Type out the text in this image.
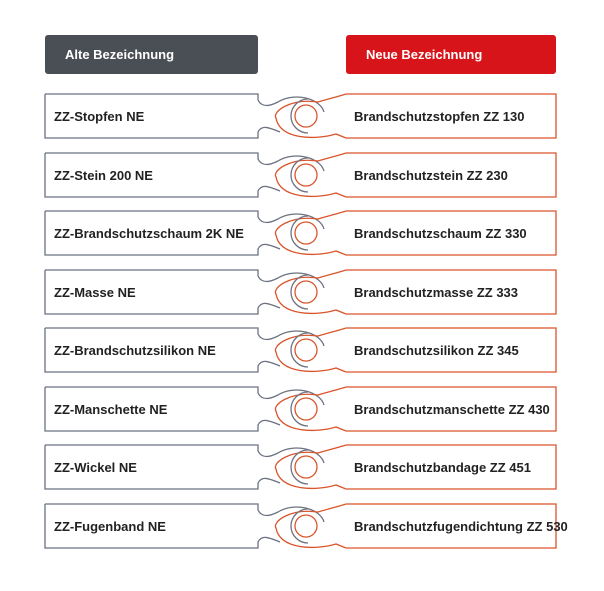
Alte Bezeichnung	Neue Bezeichnung
ZZ-Stopfen NE	Brandschutzstopfen ZZ 130
ZZ-Stein 200 NE	Brandschutzstein ZZ 230
ZZ-Brandschutzschaum 2K NE	Brandschutzschaum ZZ 330
ZZ-Masse NE	Brandschutzmasse ZZ 333
ZZ-Brandschutzsilikon NE	Brandschutzsilikon ZZ 345
ZZ-Manschette NE	Brandschutzmanschette ZZ 430
ZZ-Wickel NE	Brandschutzbandage ZZ 451
ZZ-Fugenband NE	Brandschutzfugendichtung ZZ 530
